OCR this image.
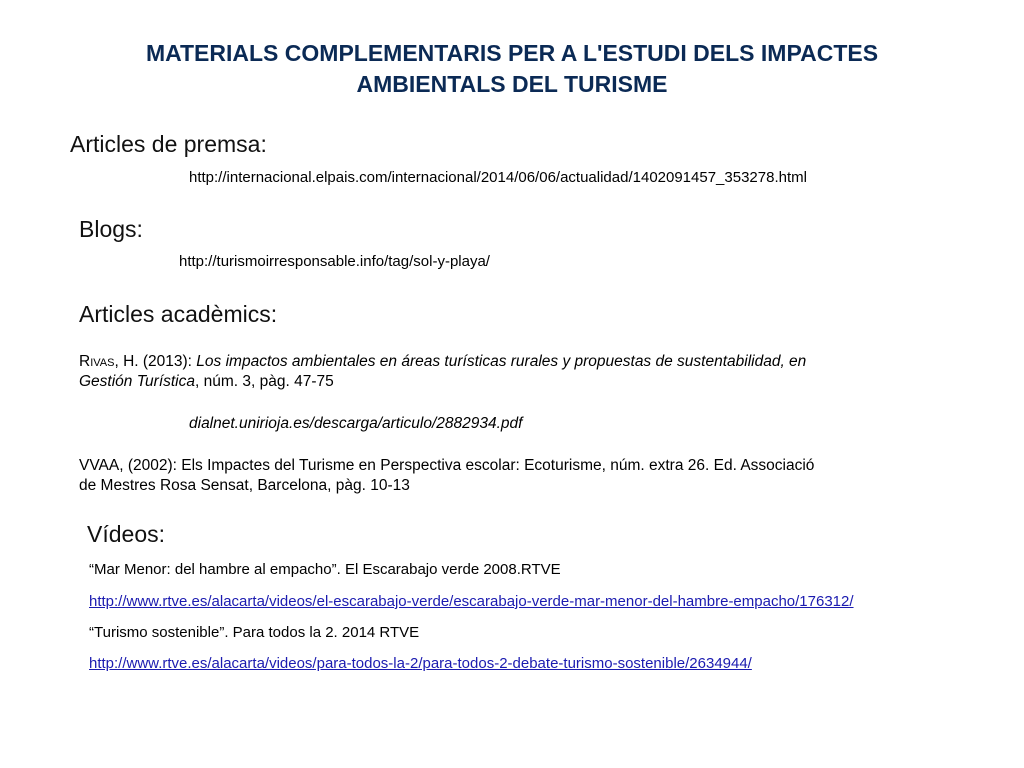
MATERIALS COMPLEMENTARIS PER A L'ESTUDI DELS IMPACTES
AMBIENTALS DEL TURISME
Articles de premsa:
http://internacional.elpais.com/internacional/2014/06/06/actualidad/1402091457_353278.html
Blogs:
http://turismoirresponsable.info/tag/sol-y-playa/
Articles acadèmics:
Rivas, H. (2013): Los impactos ambientales en áreas turísticas rurales y propuestas de sustentabilidad, en
Gestión Turística, núm. 3, pàg. 47-75
dialnet.unirioja.es/descarga/articulo/2882934.pdf
VVAA, (2002): Els Impactes del Turisme en Perspectiva escolar: Ecoturisme, núm. extra 26. Ed. Associació
de Mestres Rosa Sensat, Barcelona, pàg. 10-13
Vídeos:
“Mar Menor: del hambre al empacho”. El Escarabajo verde 2008.RTVE
http://www.rtve.es/alacarta/videos/el-escarabajo-verde/escarabajo-verde-mar-menor-del-hambre-empacho/176312/
“Turismo sostenible”. Para todos la 2. 2014 RTVE
http://www.rtve.es/alacarta/videos/para-todos-la-2/para-todos-2-debate-turismo-sostenible/2634944/
